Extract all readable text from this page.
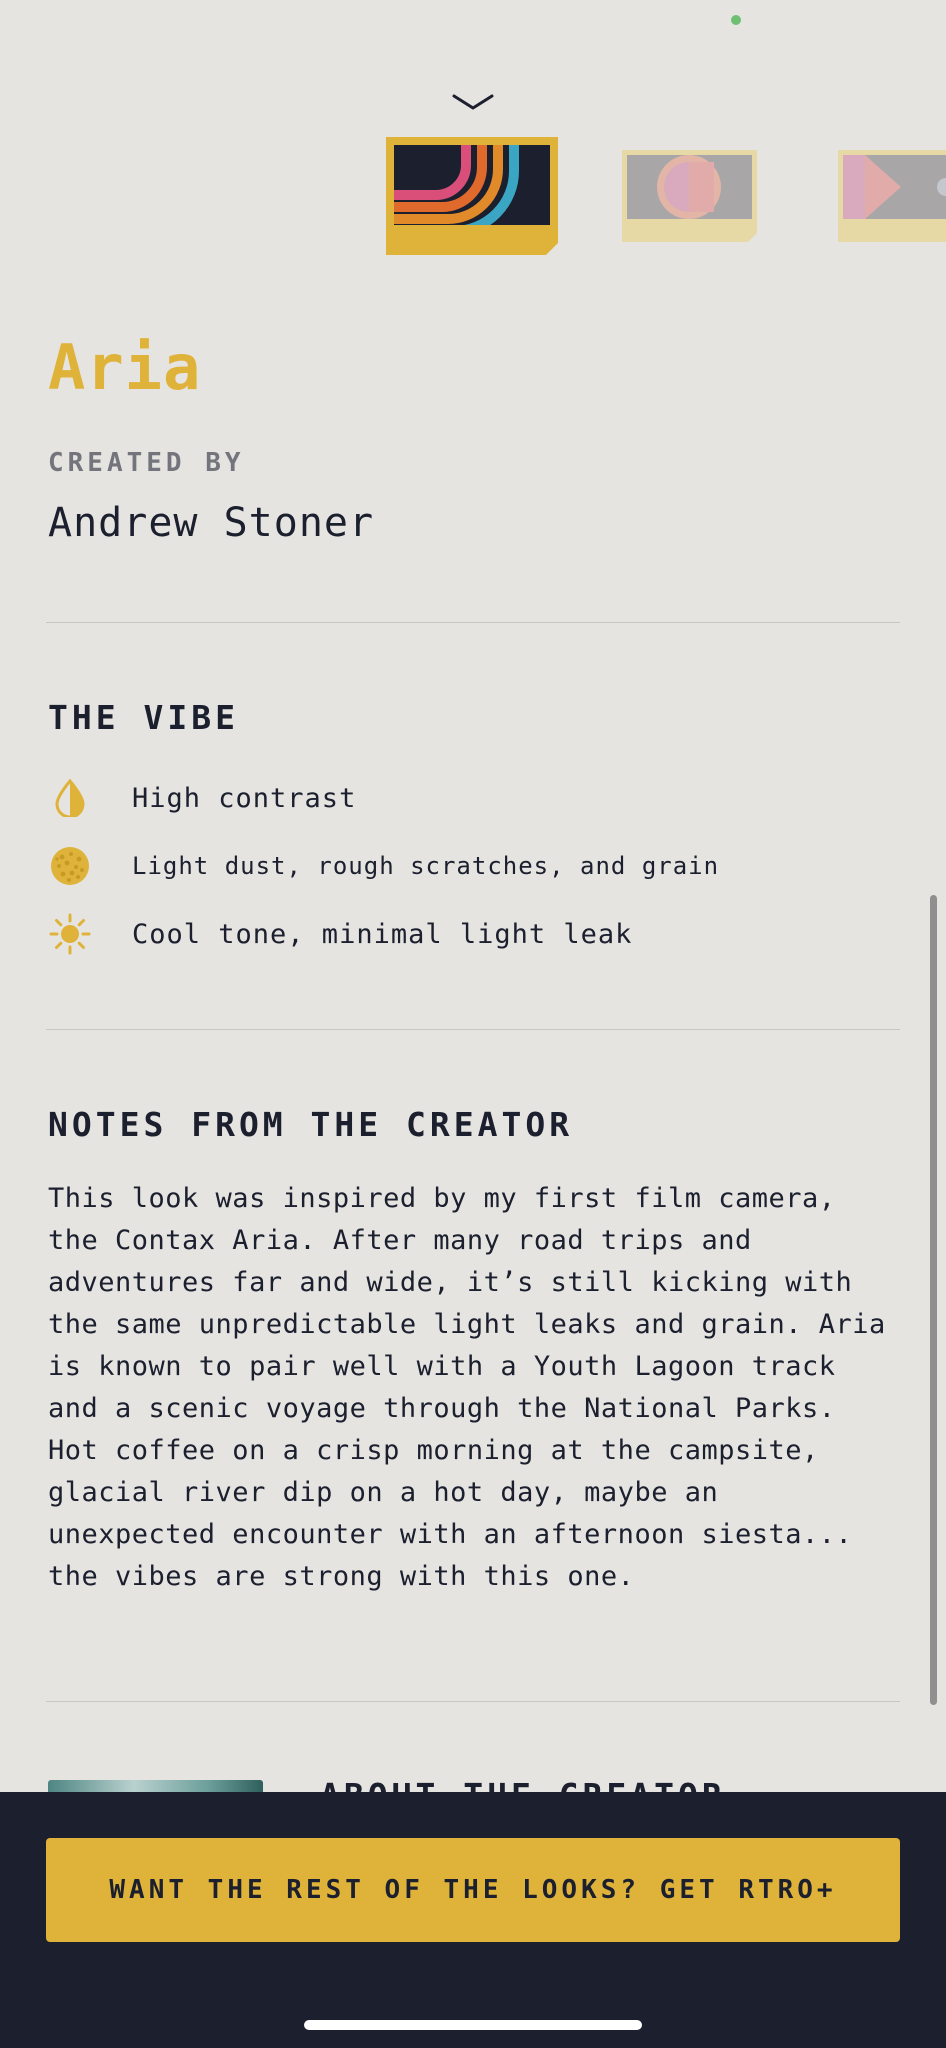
Aria
CREATED BY
Andrew Stoner
THE VIBE
High contrast
Light dust, rough scratches, and grain
Cool tone, minimal light leak
NOTES FROM THE CREATOR
This look was inspired by my first film camera, the Contax Aria. After many road trips and adventures far and wide, it’s still kicking with the same unpredictable light leaks and grain. Aria is known to pair well with a Youth Lagoon track and a scenic voyage through the National Parks. Hot coffee on a crisp morning at the campsite, glacial river dip on a hot day, maybe an unexpected encounter with an afternoon siesta... the vibes are strong with this one.
WANT THE REST OF THE LOOKS? GET RTRO+
